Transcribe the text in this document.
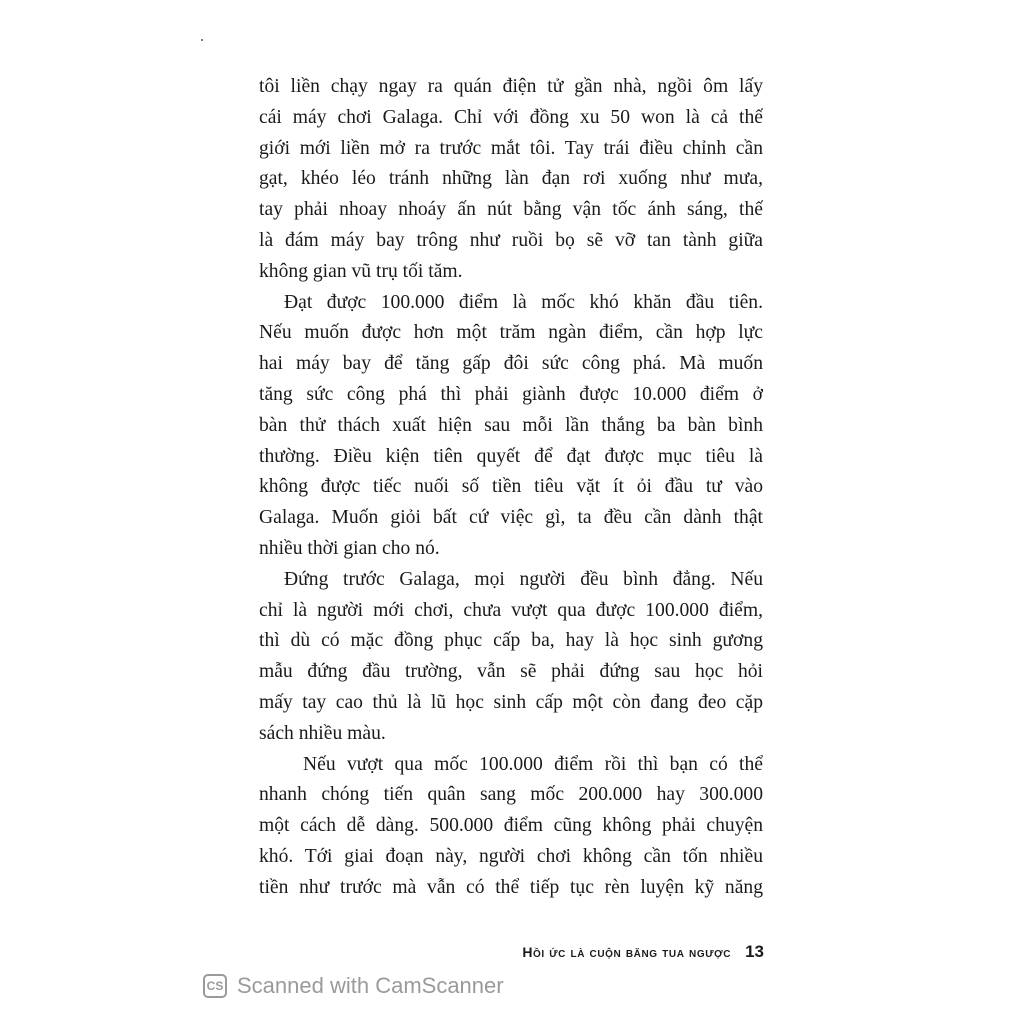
tôi liền chạy ngay ra quán điện tử gần nhà, ngồi ôm lấy
cái máy chơi Galaga. Chỉ với đồng xu 50 won là cả thế
giới mới liền mở ra trước mắt tôi. Tay trái điều chỉnh cần
gạt, khéo léo tránh những làn đạn rơi xuống như mưa,
tay phải nhoay nhoáy ấn nút bằng vận tốc ánh sáng, thế
là đám máy bay trông như ruồi bọ sẽ vỡ tan tành giữa
không gian vũ trụ tối tăm.
Đạt được 100.000 điểm là mốc khó khăn đầu tiên.
Nếu muốn được hơn một trăm ngàn điểm, cần hợp lực
hai máy bay để tăng gấp đôi sức công phá. Mà muốn
tăng sức công phá thì phải giành được 10.000 điểm ở
bàn thử thách xuất hiện sau mỗi lần thắng ba bàn bình
thường. Điều kiện tiên quyết để đạt được mục tiêu là
không được tiếc nuối số tiền tiêu vặt ít ỏi đầu tư vào
Galaga. Muốn giỏi bất cứ việc gì, ta đều cần dành thật
nhiều thời gian cho nó.
Đứng trước Galaga, mọi người đều bình đẳng. Nếu
chỉ là người mới chơi, chưa vượt qua được 100.000 điểm,
thì dù có mặc đồng phục cấp ba, hay là học sinh gương
mẫu đứng đầu trường, vẫn sẽ phải đứng sau học hỏi
mấy tay cao thủ là lũ học sinh cấp một còn đang đeo cặp
sách nhiều màu.
Nếu vượt qua mốc 100.000 điểm rồi thì bạn có thể
nhanh chóng tiến quân sang mốc 200.000 hay 300.000
một cách dễ dàng. 500.000 điểm cũng không phải chuyện
khó. Tới giai đoạn này, người chơi không cần tốn nhiều
tiền như trước mà vẫn có thể tiếp tục rèn luyện kỹ năng
Hồi ức là cuộn băng tua ngược 13
CS Scanned with CamScanner
